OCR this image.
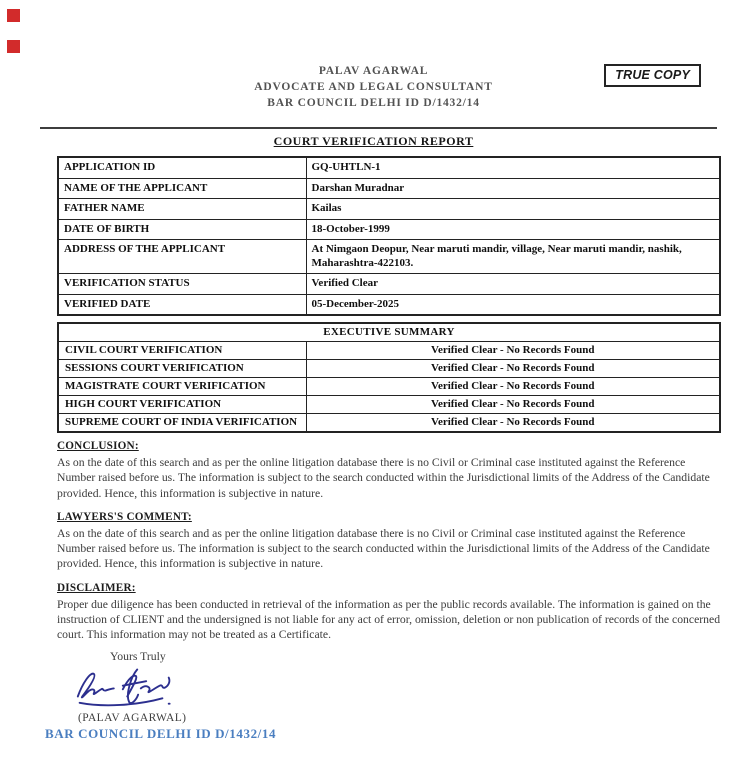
TRUE COPY
PALAV AGARWAL
ADVOCATE AND LEGAL CONSULTANT
BAR COUNCIL DELHI ID D/1432/14
COURT VERIFICATION REPORT
APPLICATION ID	GQ-UHTLN-1
NAME OF THE APPLICANT	Darshan Muradnar
FATHER NAME	Kailas
DATE OF BIRTH	18-October-1999
ADDRESS OF THE APPLICANT	At Nimgaon Deopur, Near maruti mandir, village, Near maruti mandir, nashik, Maharashtra-422103.
VERIFICATION STATUS	Verified Clear
VERIFIED DATE	05-December-2025
EXECUTIVE SUMMARY	
CIVIL COURT VERIFICATION	Verified Clear - No Records Found
SESSIONS COURT VERIFICATION	Verified Clear - No Records Found
MAGISTRATE COURT VERIFICATION	Verified Clear - No Records Found
HIGH COURT VERIFICATION	Verified Clear - No Records Found
SUPREME COURT OF INDIA VERIFICATION	Verified Clear - No Records Found
CONCLUSION:
As on the date of this search and as per the online litigation database there is no Civil or Criminal case instituted against the Reference Number raised before us. The information is subject to the search conducted within the Jurisdictional limits of the Address of the Candidate provided. Hence, this information is subjective in nature.
LAWYERS'S COMMENT:
As on the date of this search and as per the online litigation database there is no Civil or Criminal case instituted against the Reference Number raised before us. The information is subject to the search conducted within the Jurisdictional limits of the Address of the Candidate provided. Hence, this information is subjective in nature.
DISCLAIMER:
Proper due diligence has been conducted in retrieval of the information as per the public records available. The information is gained on the instruction of CLIENT and the undersigned is not liable for any act of error, omission, deletion or non publication of records of the concerned court. This information may not be treated as a Certificate.
Yours Truly
(PALAV AGARWAL)
BAR COUNCIL DELHI ID D/1432/14
